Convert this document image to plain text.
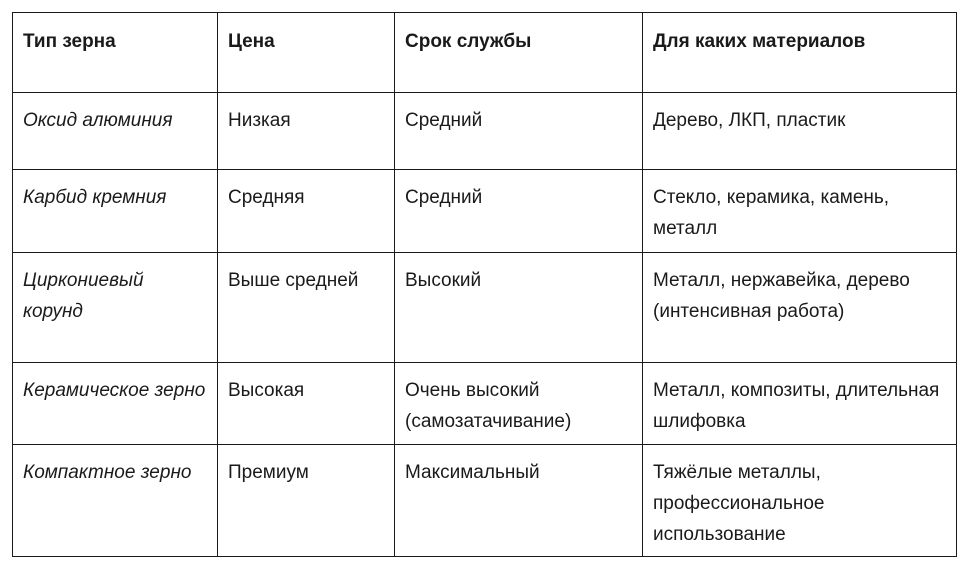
Тип зерна	Цена	Срок службы	Для каких материалов
Оксид алюминия	Низкая	Средний	Дерево, ЛКП, пластик
Карбид кремния	Средняя	Средний	Стекло, керамика, камень, металл
Циркониевый корунд	Выше средней	Высокий	Металл, нержавейка, дерево (интенсивная работа)
Керамическое зерно	Высокая	Очень высокий (самозатачивание)	Металл, композиты, длительная шлифовка
Компактное зерно	Премиум	Максимальный	Тяжёлые металлы, профессиональное использование
